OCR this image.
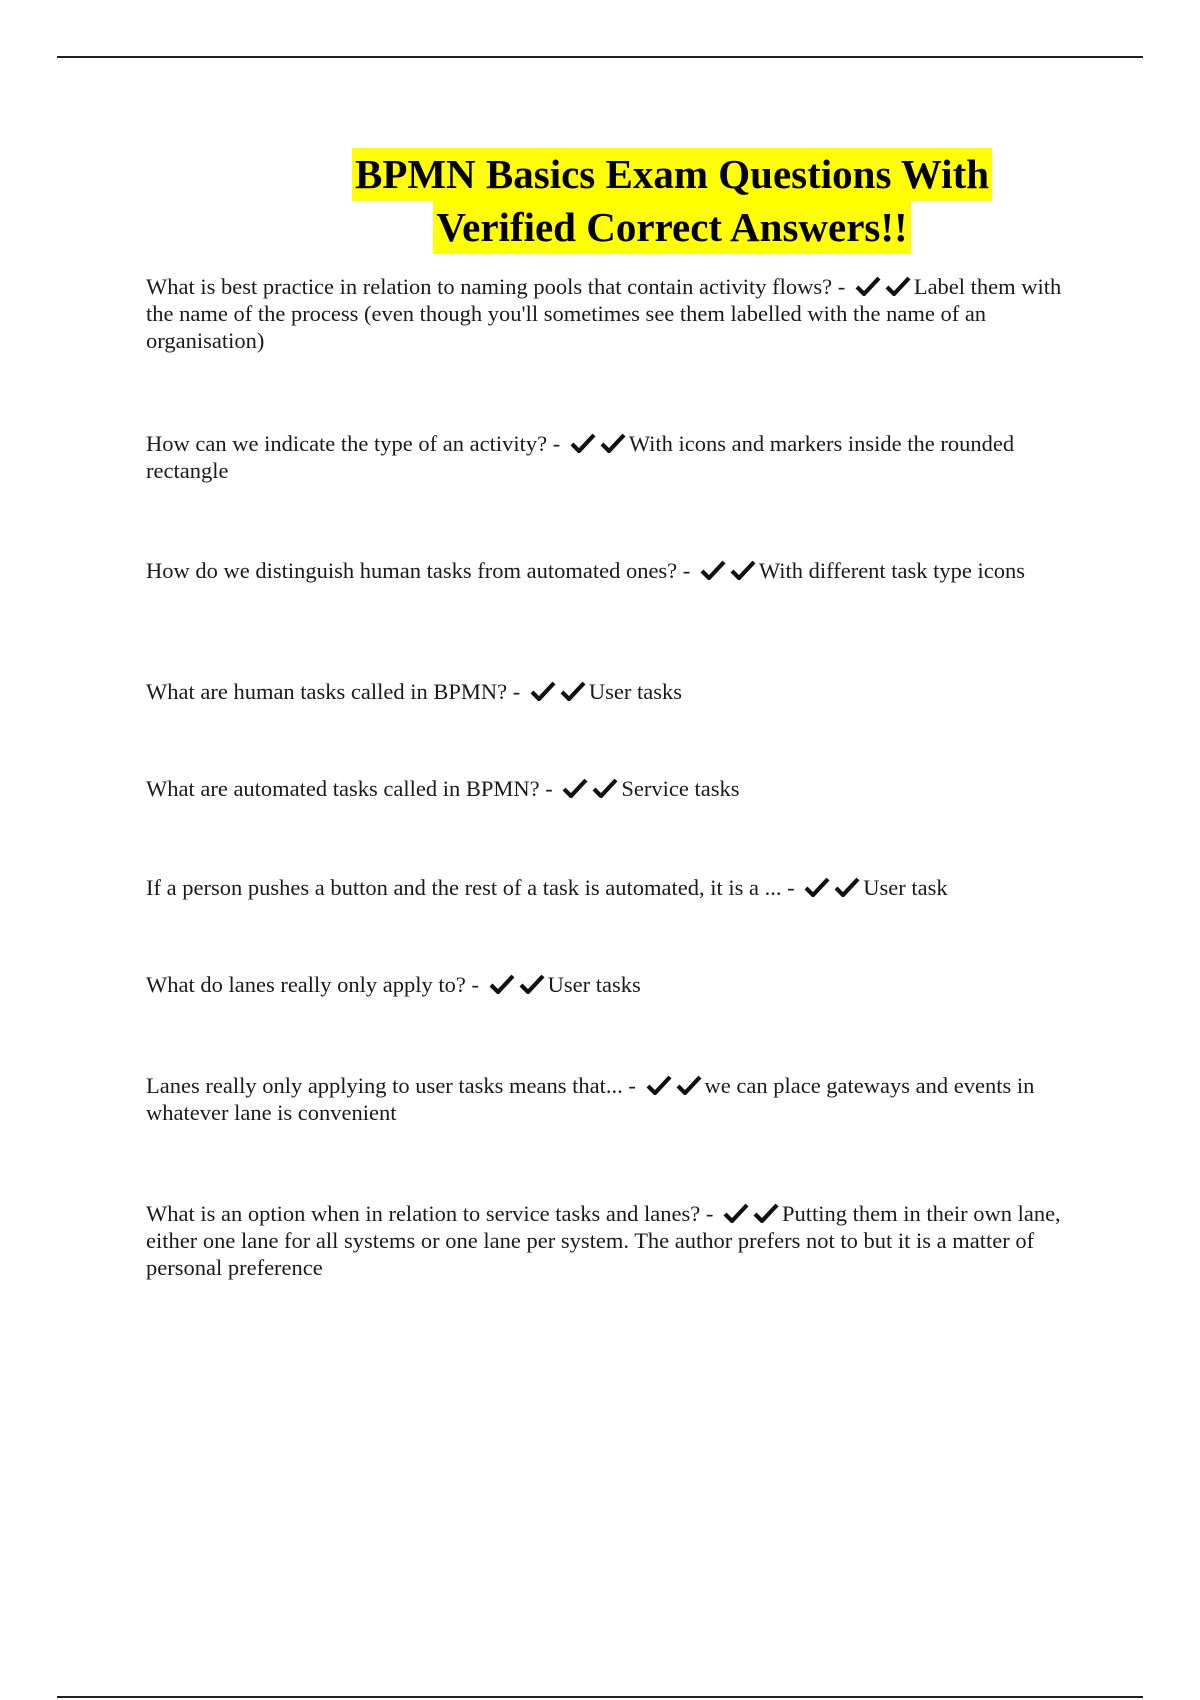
BPMN Basics Exam Questions With
Verified Correct Answers!!

What is best practice in relation to naming pools that contain activity flows? -	Label them with the name of the process (even though you'll sometimes see them labelled with the name of an organisation)

How can we indicate the type of an activity? -	With icons and markers inside the rounded rectangle

How do we distinguish human tasks from automated ones? -	With different task type icons

What are human tasks called in BPMN? -	User tasks

What are automated tasks called in BPMN? -	Service tasks

If a person pushes a button and the rest of a task is automated, it is a ... -	User task

What do lanes really only apply to? -	User tasks

Lanes really only applying to user tasks means that... -	we can place gateways and events in whatever lane is convenient

What is an option when in relation to service tasks and lanes? -	Putting them in their own lane, either one lane for all systems or one lane per system. The author prefers not to but it is a matter of personal preference
